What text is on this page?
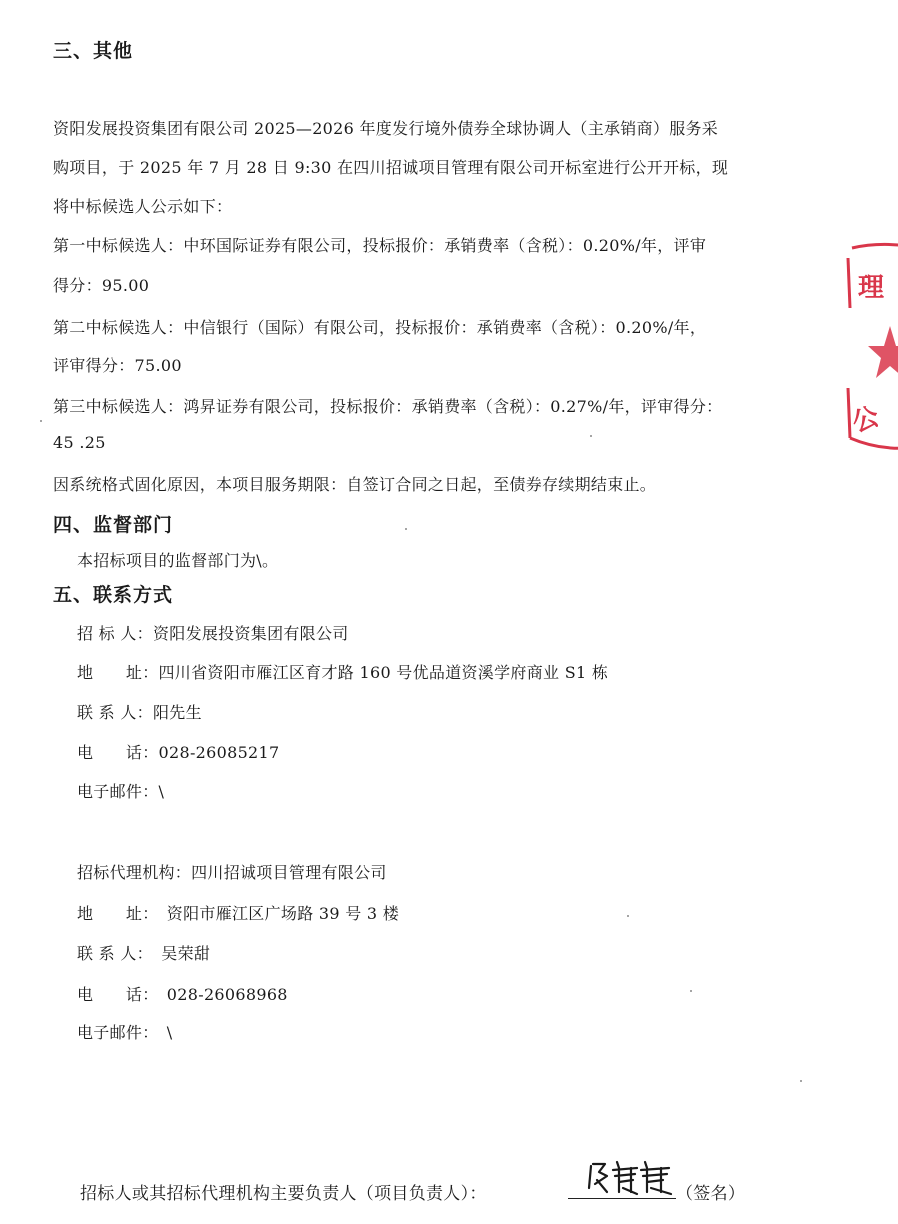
三、其他

资阳发展投资集团有限公司 2025—2026 年度发行境外债券全球协调人（主承销商）服务采

购项目，于 2025 年 7 月 28 日 9:30 在四川招诚项目管理有限公司开标室进行公开开标，现

将中标候选人公示如下：

第一中标候选人：中环国际证券有限公司，投标报价：承销费率（含税）：0.20%/年，评审

得分：95.00

第二中标候选人：中信银行（国际）有限公司，投标报价：承销费率（含税）：0.20%/年，

评审得分：75.00

第三中标候选人：鸿昇证券有限公司，投标报价：承销费率（含税）：0.27%/年，评审得分：

45 .25

因系统格式固化原因，本项目服务期限：自签订合同之日起，至债券存续期结束止。

四、监督部门

本招标项目的监督部门为\。

五、联系方式

招 标 人：资阳发展投资集团有限公司

地　　址：四川省资阳市雁江区育才路 160 号优品道资溪学府商业 S1 栋

联 系 人：阳先生

电　　话：028-26085217

电子邮件：\

招标代理机构：四川招诚项目管理有限公司

地　　址：　资阳市雁江区广场路 39 号 3 楼

联 系 人：　吴荣甜

电　　话：　028-26068968

电子邮件：　\

招标人或其招标代理机构主要负责人（项目负责人）：	（签名）

理
公
